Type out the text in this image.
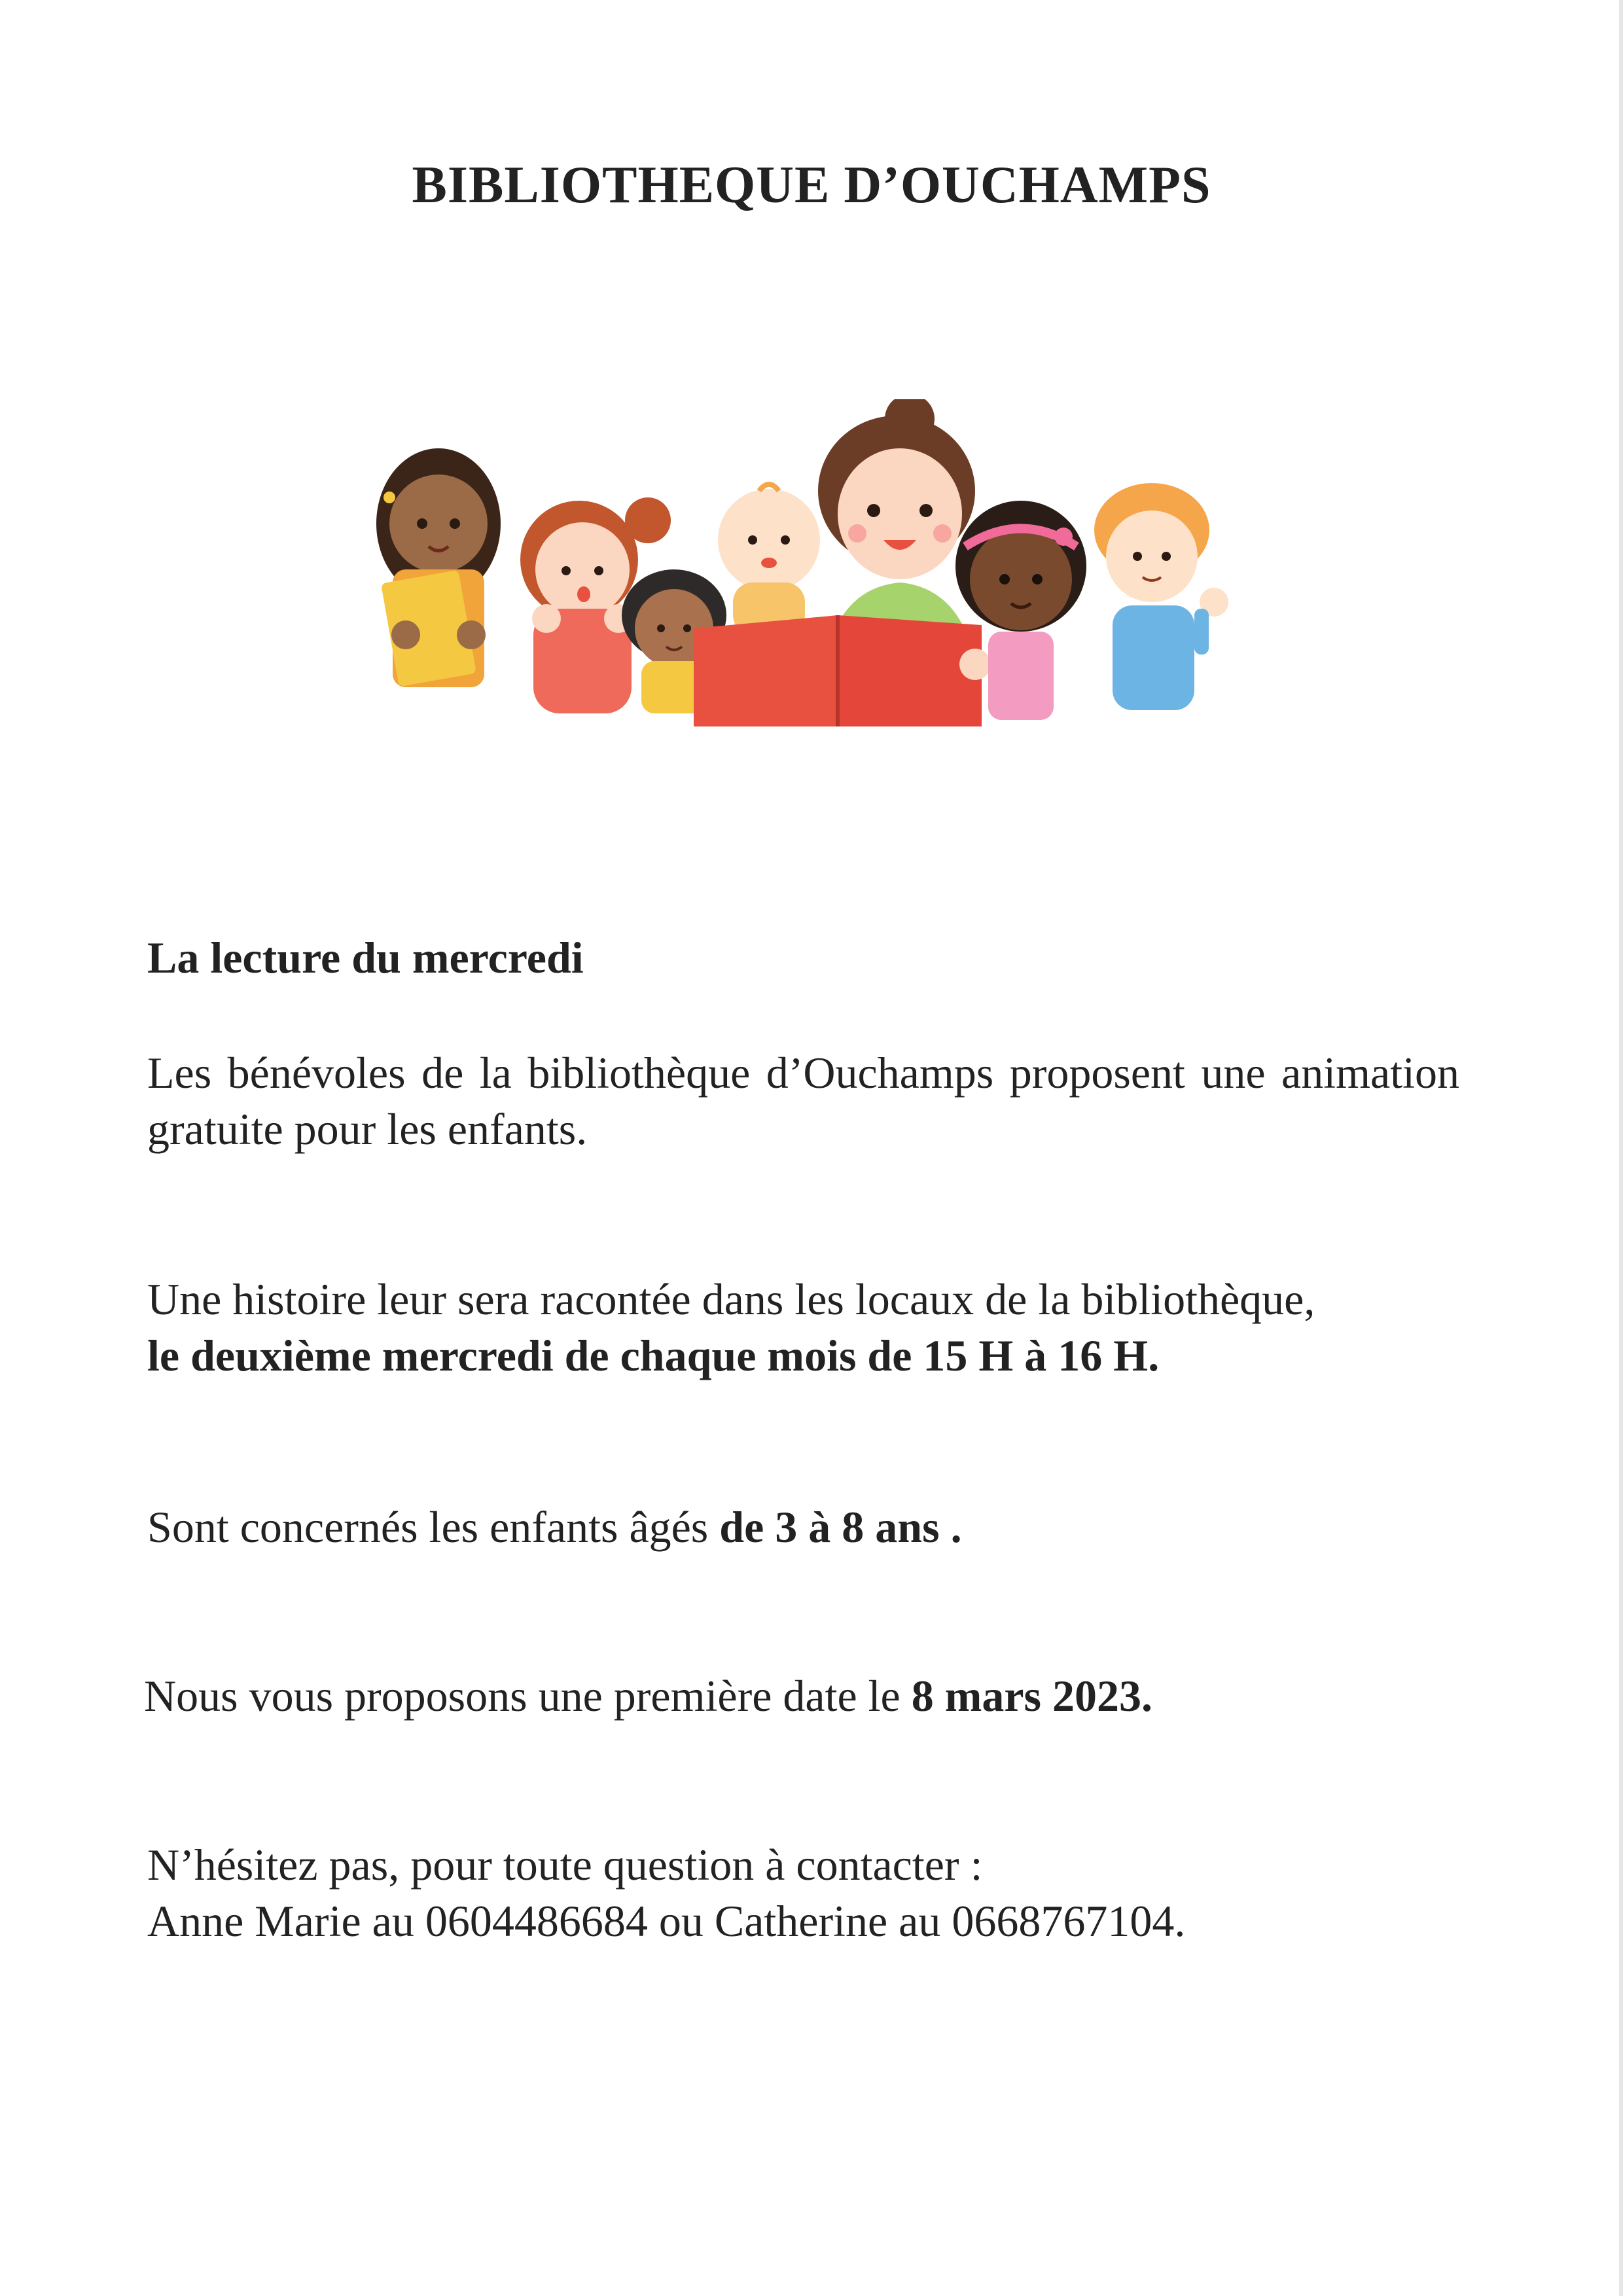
BIBLIOTHEQUE D’OUCHAMPS

La lecture du mercredi

Les bénévoles de la bibliothèque d’Ouchamps proposent une animation gratuite pour les enfants.

Une histoire leur sera racontée dans les locaux de la bibliothèque,
le deuxième mercredi de chaque mois de 15 H à 16 H.

Sont concernés les enfants âgés de 3 à 8 ans .

Nous vous proposons une première date le 8 mars 2023.

N’hésitez pas, pour toute question à contacter :
Anne Marie au 0604486684 ou Catherine au 0668767104.
